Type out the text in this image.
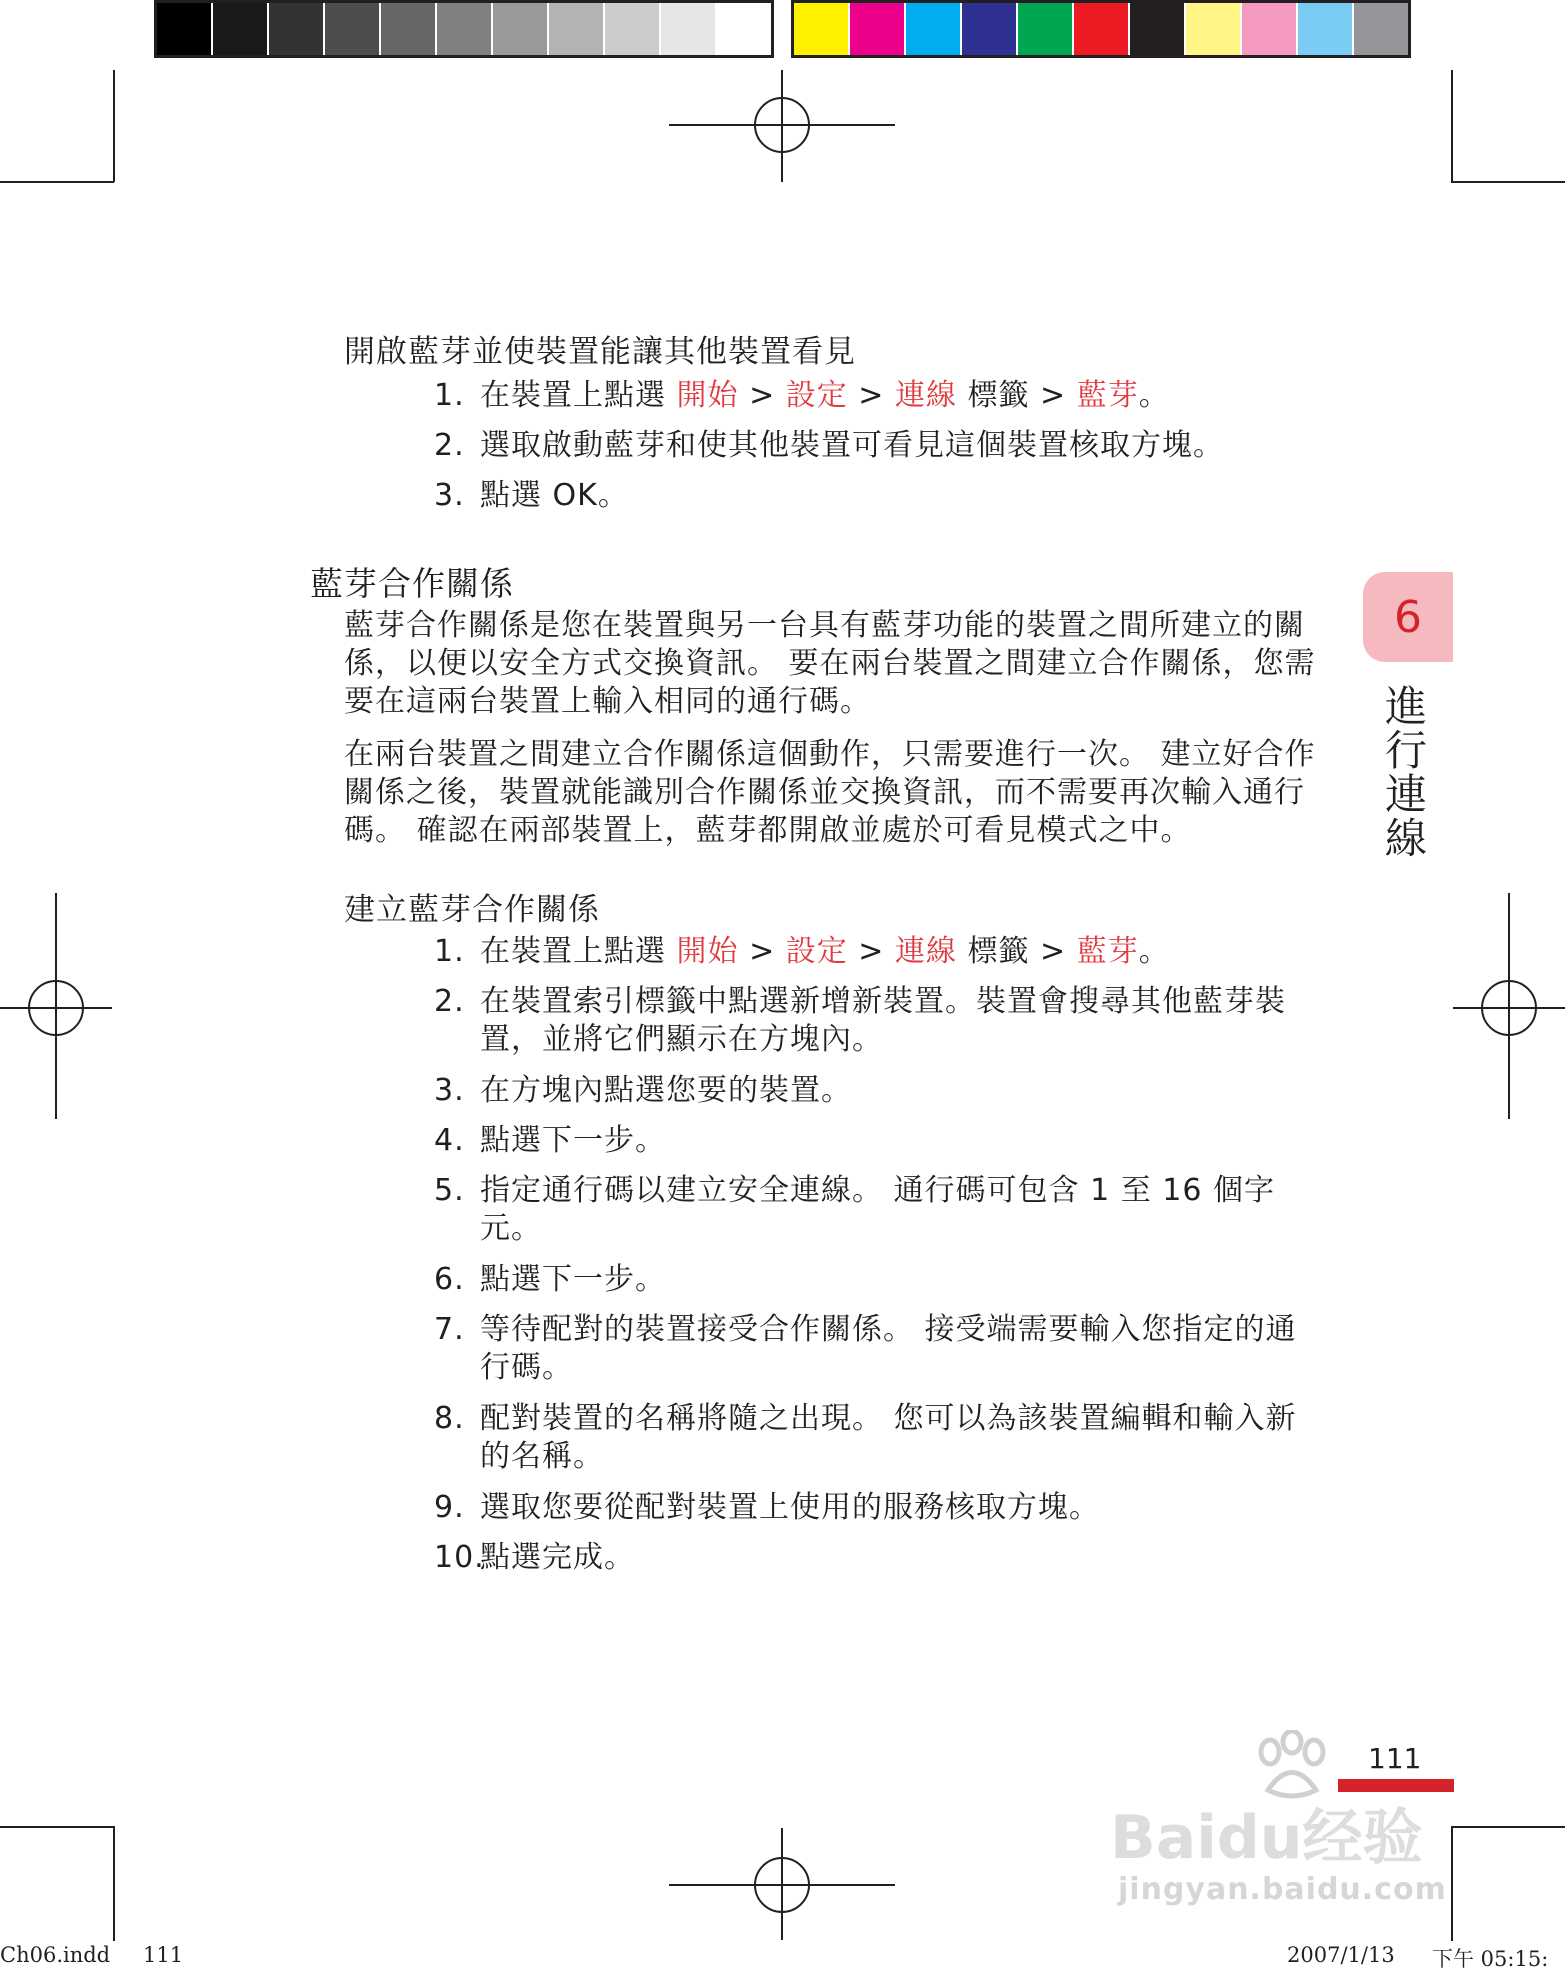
開啟藍芽並使裝置能讓其他裝置看見
1. 在裝置上點選 開始 > 設定 > 連線 標籤 > 藍芽。
2. 選取啟動藍芽和使其他裝置可看見這個裝置核取方塊。
3. 點選 OK。
藍芽合作關係
藍芽合作關係是您在裝置與另一台具有藍芽功能的裝置之間所建立的關係，以便以安全方式交換資訊。 要在兩台裝置之間建立合作關係，您需要在這兩台裝置上輸入相同的通行碼。
在兩台裝置之間建立合作關係這個動作，只需要進行一次。 建立好合作關係之後，裝置就能識別合作關係並交換資訊，而不需要再次輸入通行碼。 確認在兩部裝置上，藍芽都開啟並處於可看見模式之中。
建立藍芽合作關係
1. 在裝置上點選 開始 > 設定 > 連線 標籤 > 藍芽。
2. 在裝置索引標籤中點選新增新裝置。裝置會搜尋其他藍芽裝
置，並將它們顯示在方塊內。
3. 在方塊內點選您要的裝置。
4. 點選下一步。
5. 指定通行碼以建立安全連線。 通行碼可包含 1 至 16 個字
元。
6. 點選下一步。
7. 等待配對的裝置接受合作關係。 接受端需要輸入您指定的通
行碼。
8. 配對裝置的名稱將隨之出現。 您可以為該裝置編輯和輸入新
的名稱。
9. 選取您要從配對裝置上使用的服務核取方塊。
10.點選完成。
6
進
行
連
線
111
Baidu经验
jingyan.baidu.com
Ch06.indd 111	2007/1/13 下午 05:15:
